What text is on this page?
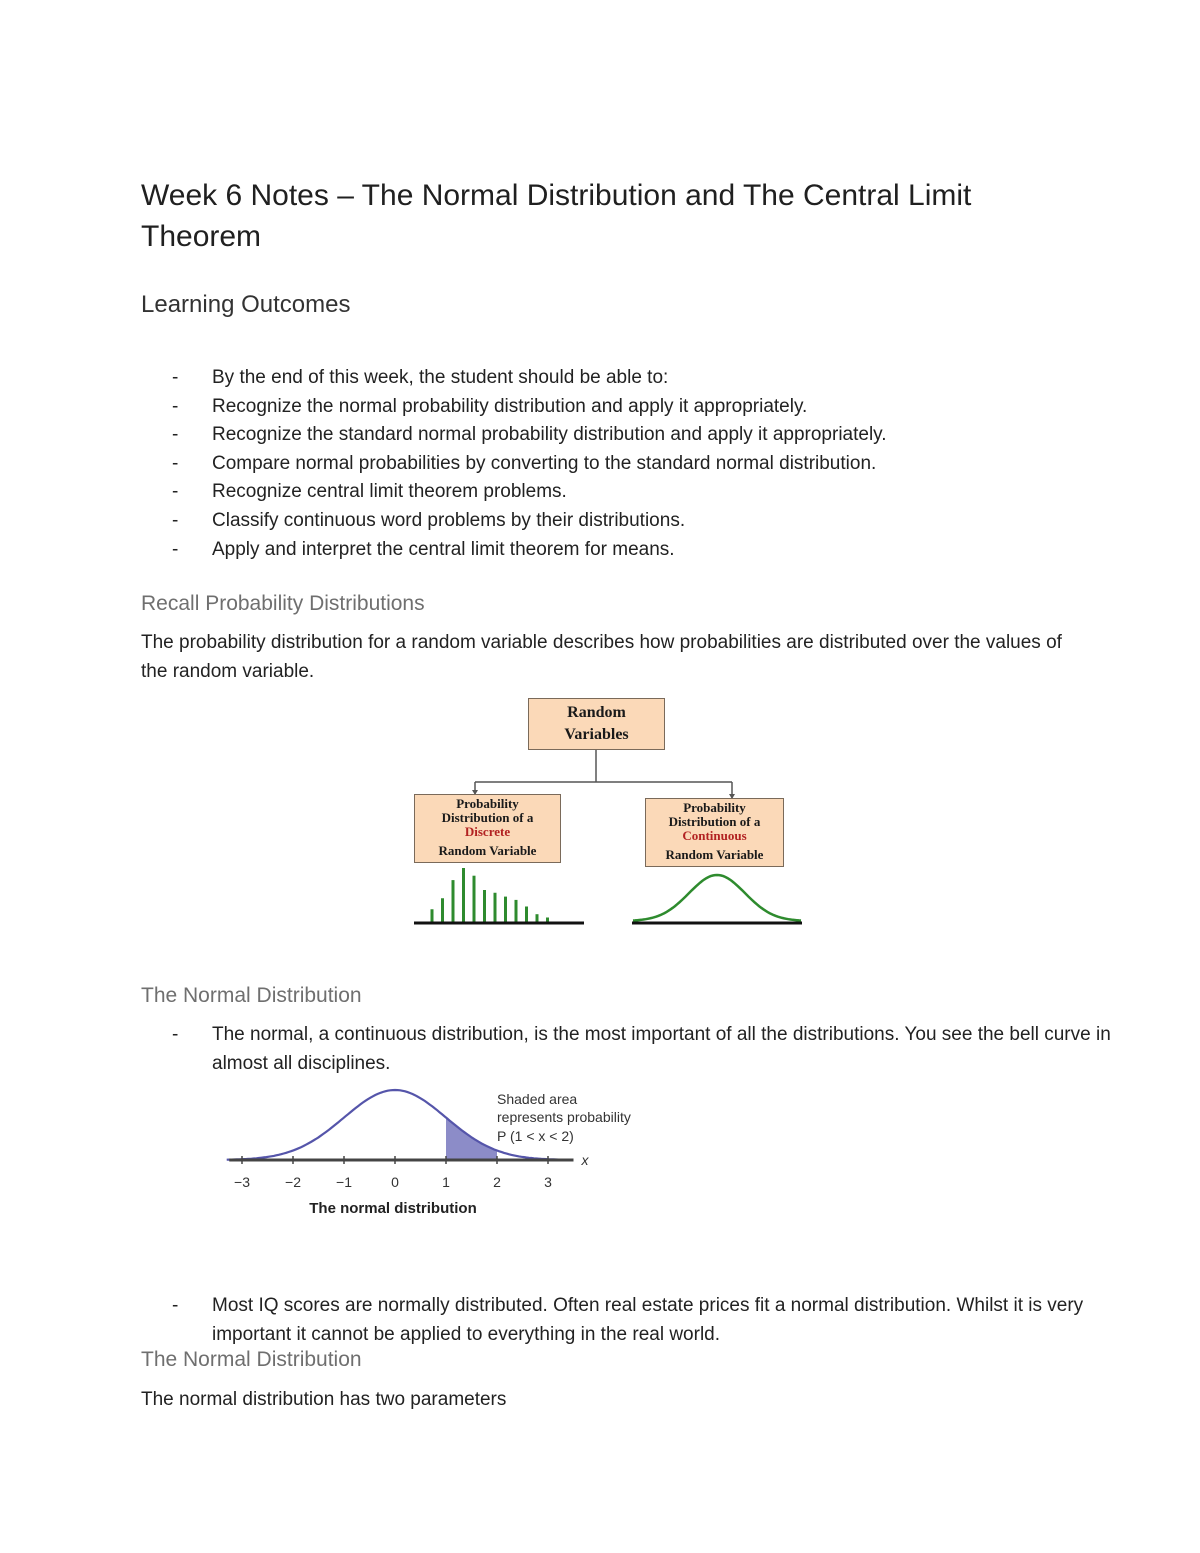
Week 6 Notes – The Normal Distribution and The Central Limit Theorem
Learning Outcomes
- By the end of this week, the student should be able to:
- Recognize the normal probability distribution and apply it appropriately.
- Recognize the standard normal probability distribution and apply it appropriately.
- Compare normal probabilities by converting to the standard normal distribution.
- Recognize central limit theorem problems.
- Classify continuous word problems by their distributions.
- Apply and interpret the central limit theorem for means.
Recall Probability Distributions
The probability distribution for a random variable describes how probabilities are distributed over the values of the random variable.
Random
Variables
Probability
Distribution of a
Discrete
Random Variable
Probability
Distribution of a
Continuous
Random Variable
The Normal Distribution
- The normal, a continuous distribution, is the most important of all the distributions. You see the bell curve in almost all disciplines.
−3	−2	−1	0	1	2	3
x
Shaded area
represents probability
P (1 < x < 2)
The normal distribution
- Most IQ scores are normally distributed. Often real estate prices fit a normal distribution. Whilst it is very important it cannot be applied to everything in the real world.
The Normal Distribution
The normal distribution has two parameters
